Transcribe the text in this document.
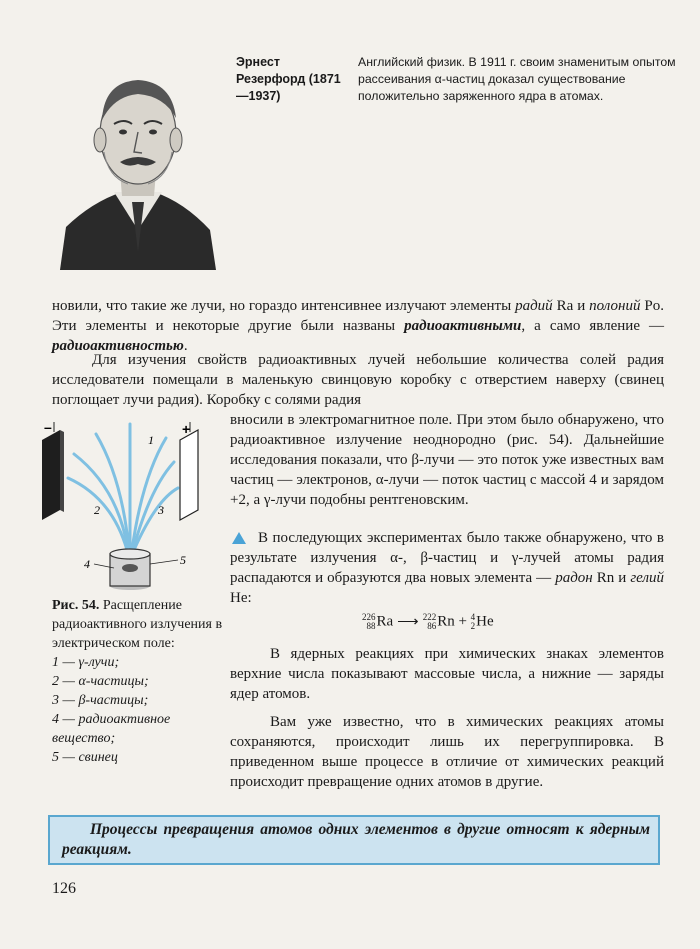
Эрнест Резерфорд (1871—1937)
Английский физик. В 1911 г. своим знаменитым опытом рассеивания α-частиц доказал существование положительно заряженного ядра в атомах.
новили, что такие же лучи, но гораздо интенсивнее излучают элементы радий Ra и полоний Po. Эти элементы и некоторые другие были названы радиоактивными, а само явление — радиоактивностью.
Для изучения свойств радиоактивных лучей небольшие количества солей радия исследователи помещали в маленькую свинцовую коробку с отверстием наверху (свинец поглощает лучи радия). Коробку с солями радия
вносили в электромагнитное поле. При этом было обнаружено, что радиоактивное излучение неоднородно (рис. 54). Дальнейшие исследования показали, что β-лучи — это поток уже известных вам частиц — электронов, α-лучи — поток частиц с массой 4 и зарядом +2, а γ-лучи подобны рентгеновским.
–	+
1
2	3
4	5
Рис. 54. Расщепление радиоактивного излучения в электрическом поле:
1 — γ-лучи;
2 — α-частицы;
3 — β-частицы;
4 — радиоактивное вещество;
5 — свинец
В последующих экспериментах было также обнаружено, что в результате излучения α-, β-частиц и γ-лучей атомы радия распадаются и образуются два новых элемента — радон Rn и гелий He:
226
88 Ra ⟶ 222
86 Rn + 4
2 He
В ядерных реакциях при химических знаках элементов верхние числа показывают массовые числа, а нижние — заряды ядер атомов.
Вам уже известно, что в химических реакциях атомы сохраняются, происходит лишь их перегруппировка. В приведенном выше процессе в отличие от химических реакций происходит превращение одних атомов в другие.
Процессы превращения атомов одних элементов в другие относят к ядерным реакциям.
126
